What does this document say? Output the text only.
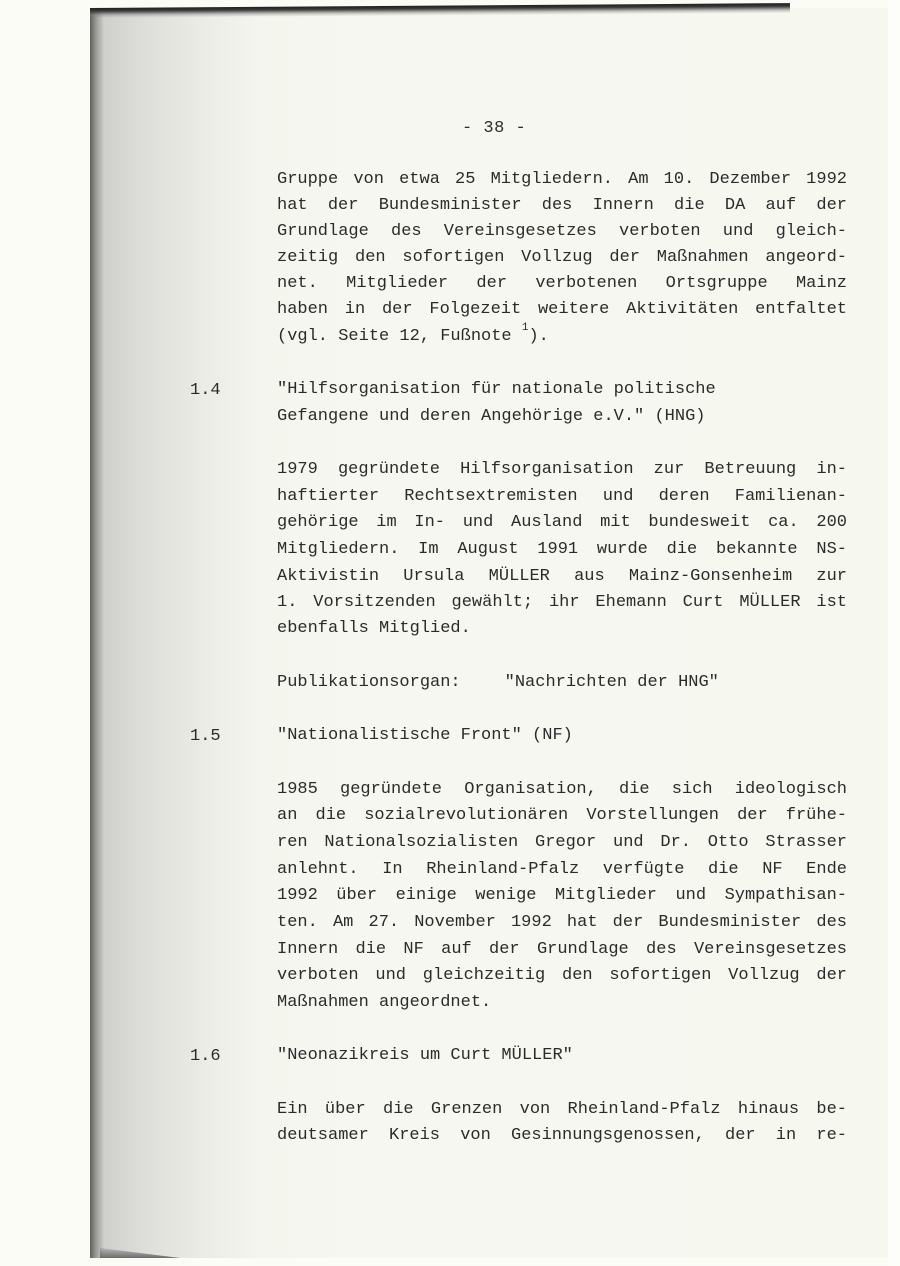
- 38 -
Gruppe von etwa 25 Mitgliedern. Am 10. Dezember 1992
hat der Bundesminister des Innern die DA auf der
Grundlage des Vereinsgesetzes verboten und gleich-
zeitig den sofortigen Vollzug der Maßnahmen angeord-
net. Mitglieder der verbotenen Ortsgruppe Mainz
haben in der Folgezeit weitere Aktivitäten entfaltet
(vgl. Seite 12, Fußnote $^1$).
1.4	"Hilfsorganisation für nationale politische
Gefangene und deren Angehörige e.V." (HNG)
1979 gegründete Hilfsorganisation zur Betreuung in-
haftierter Rechtsextremisten und deren Familienan-
gehörige im In- und Ausland mit bundesweit ca. 200
Mitgliedern. Im August 1991 wurde die bekannte NS-
Aktivistin Ursula MÜLLER aus Mainz-Gonsenheim zur
1. Vorsitzenden gewählt; ihr Ehemann Curt MÜLLER ist
ebenfalls Mitglied.
Publikationsorgan:	"Nachrichten der HNG"
1.5	"Nationalistische Front" (NF)
1985 gegründete Organisation, die sich ideologisch
an die sozialrevolutionären Vorstellungen der frühe-
ren Nationalsozialisten Gregor und Dr. Otto Strasser
anlehnt. In Rheinland-Pfalz verfügte die NF Ende
1992 über einige wenige Mitglieder und Sympathisan-
ten. Am 27. November 1992 hat der Bundesminister des
Innern die NF auf der Grundlage des Vereinsgesetzes
verboten und gleichzeitig den sofortigen Vollzug der
Maßnahmen angeordnet.
1.6	"Neonazikreis um Curt MÜLLER"
Ein über die Grenzen von Rheinland-Pfalz hinaus be-
deutsamer Kreis von Gesinnungsgenossen, der in re-
